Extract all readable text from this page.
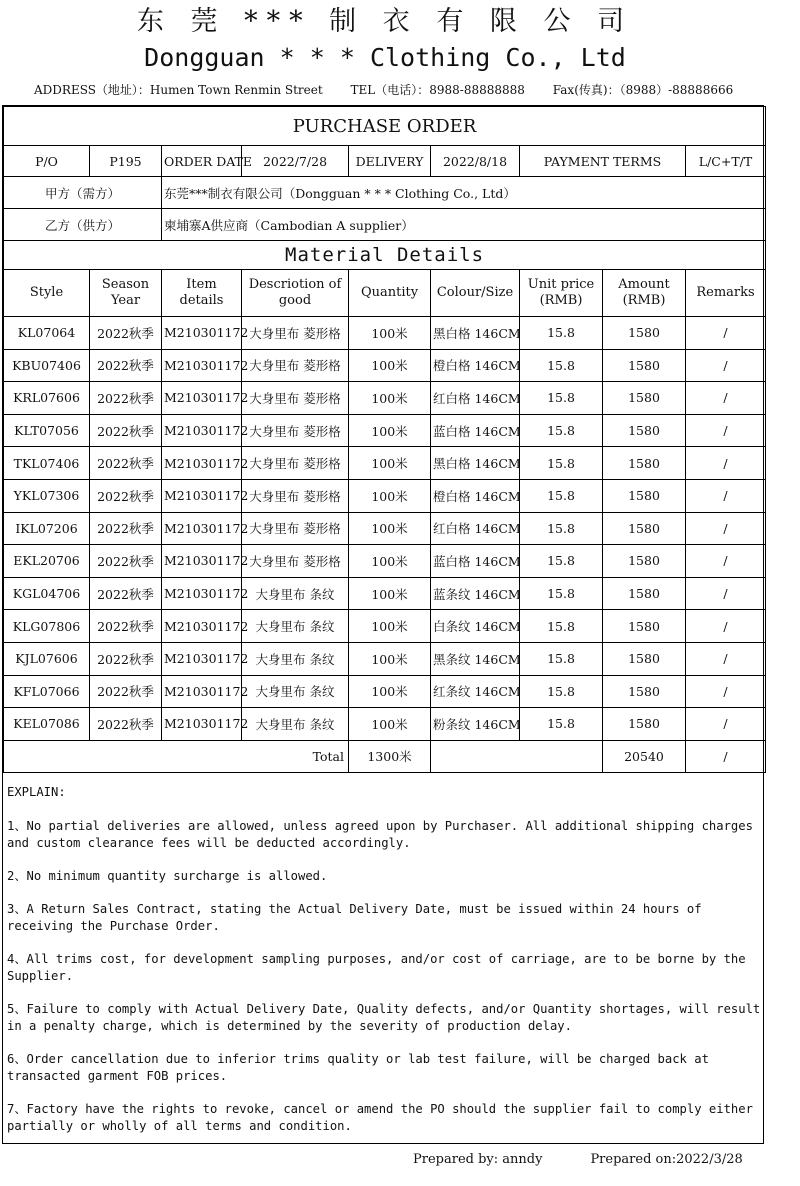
东 莞 *** 制 衣 有 限 公 司
Dongguan * * * Clothing Co., Ltd
ADDRESS（地址）：Humen Town Renmin Street TEL（电话）：8988-88888888 Fax(传真)：（8988）-88888666
PURCHASE ORDER								
P/O	P195	ORDER DATE	2022/7/28	DELIVERY	2022/8/18	PAYMENT TERMS		L/C+T/T
甲方（需方）		东莞***制衣有限公司（Dongguan * * * Clothing Co., Ltd）						
乙方（供方）		柬埔寨A供应商（Cambodian A supplier）						
Material Details								
Style	Season Year	Item details	Descriotion of good	Quantity	Colour/Size	Unit price (RMB)	Amount (RMB)	Remarks
KL07064	2022秋季	M210301172	大身里布 菱形格	100米	黑白格 146CM	15.8	1580	/
KBU07406	2022秋季	M210301172	大身里布 菱形格	100米	橙白格 146CM	15.8	1580	/
KRL07606	2022秋季	M210301172	大身里布 菱形格	100米	红白格 146CM	15.8	1580	/
KLT07056	2022秋季	M210301172	大身里布 菱形格	100米	蓝白格 146CM	15.8	1580	/
TKL07406	2022秋季	M210301172	大身里布 菱形格	100米	黑白格 146CM	15.8	1580	/
YKL07306	2022秋季	M210301172	大身里布 菱形格	100米	橙白格 146CM	15.8	1580	/
IKL07206	2022秋季	M210301172	大身里布 菱形格	100米	红白格 146CM	15.8	1580	/
EKL20706	2022秋季	M210301172	大身里布 菱形格	100米	蓝白格 146CM	15.8	1580	/
KGL04706	2022秋季	M210301172	大身里布 条纹	100米	蓝条纹 146CM	15.8	1580	/
KLG07806	2022秋季	M210301172	大身里布 条纹	100米	白条纹 146CM	15.8	1580	/
KJL07606	2022秋季	M210301172	大身里布 条纹	100米	黑条纹 146CM	15.8	1580	/
KFL07066	2022秋季	M210301172	大身里布 条纹	100米	红条纹 146CM	15.8	1580	/
KEL07086	2022秋季	M210301172	大身里布 条纹	100米	粉条纹 146CM	15.8	1580	/
Total				1300米			20540	/

EXPLAIN:

1、No partial deliveries are allowed, unless agreed upon by Purchaser. All additional shipping charges and custom clearance fees will be deducted accordingly.

2、No minimum quantity surcharge is allowed.

3、A Return Sales Contract, stating the Actual Delivery Date, must be issued within 24 hours of receiving the Purchase Order.

4、All trims cost, for development sampling purposes, and/or cost of carriage, are to be borne by the Supplier.

5、Failure to comply with Actual Delivery Date, Quality defects, and/or Quantity shortages, will result in a penalty charge, which is determined by the severity of production delay.

6、Order cancellation due to inferior trims quality or lab test failure, will be charged back at transacted garment FOB prices.

7、Factory have the rights to revoke, cancel or amend the PO should the supplier fail to comply either partially or wholly of all terms and condition.

Prepared by: anndy	Prepared on:2022/3/28
